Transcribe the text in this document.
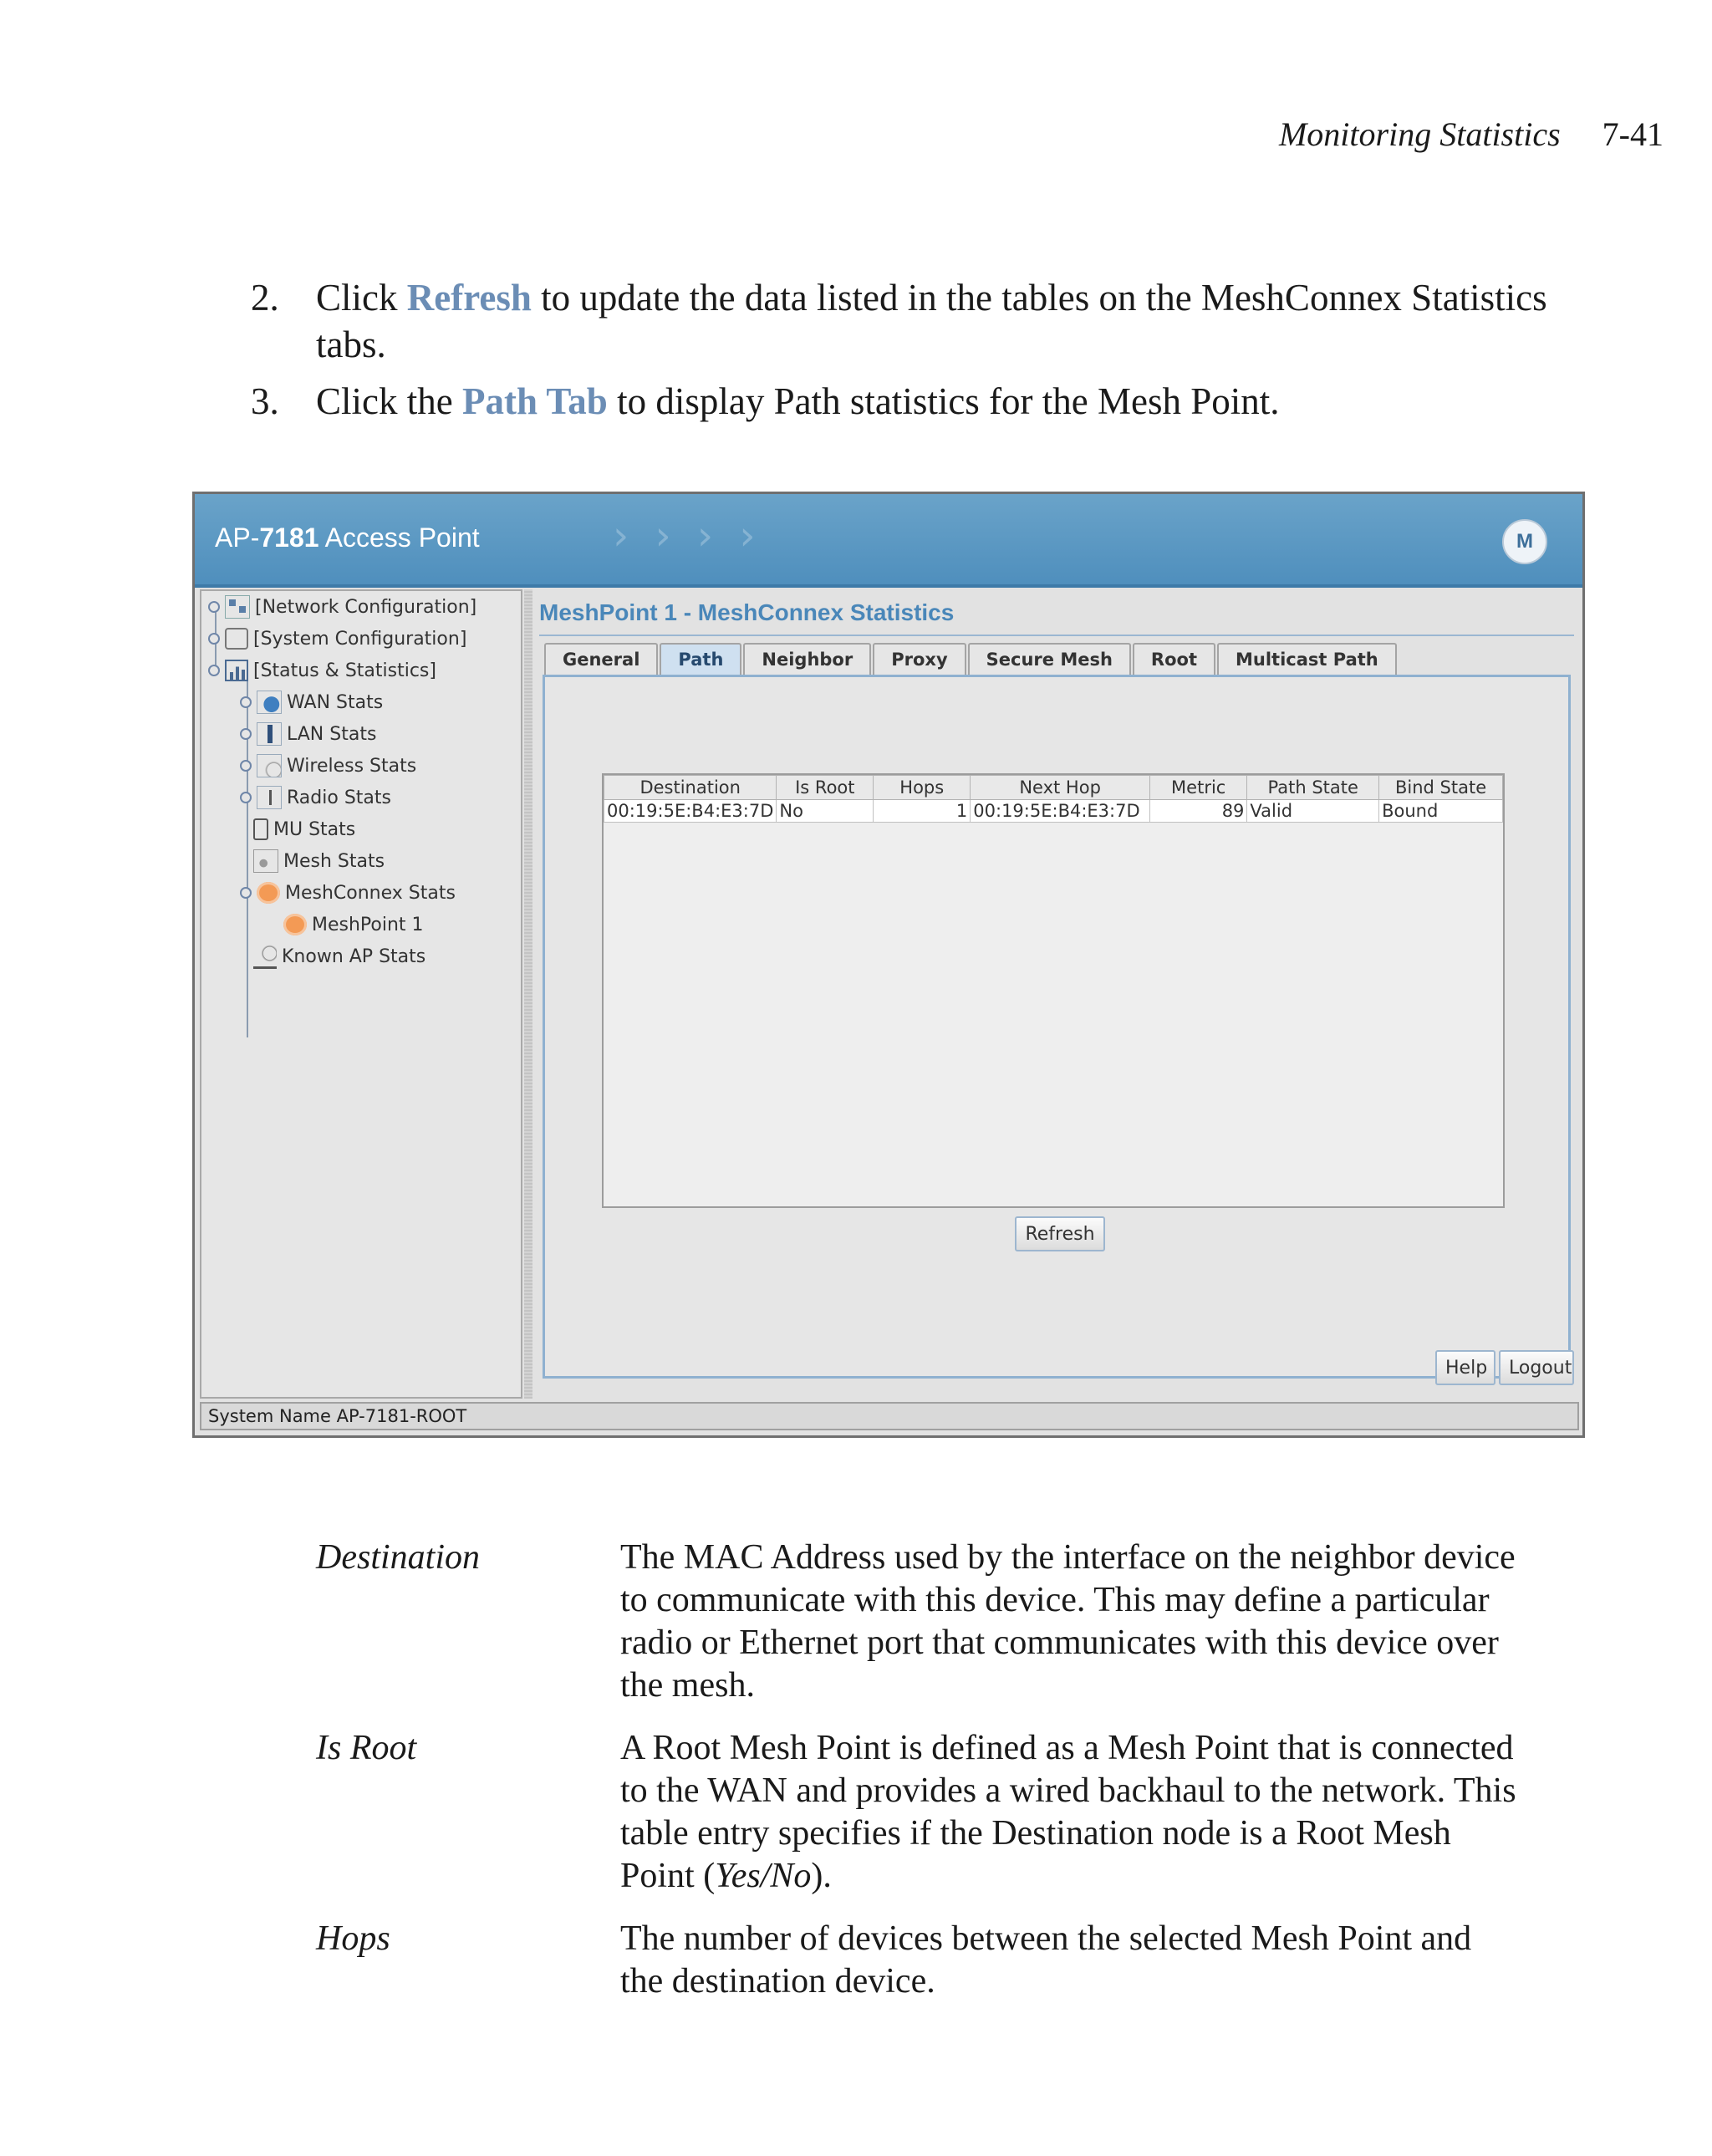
Monitoring Statistics 7-41
2. Click Refresh to update the data listed in the tables on the MeshConnex Statistics tabs.
3. Click the Path Tab to display Path statistics for the Mesh Point.
AP-7181 Access Point	› › › ›	M
[Network Configuration]
[System Configuration]
[Status & Statistics]
WAN Stats
LAN Stats
Wireless Stats
Radio Stats
MU Stats
Mesh Stats
MeshConnex Stats
MeshPoint 1
Known AP Stats
MeshPoint 1 - MeshConnex Statistics
General	Path	Neighbor	Proxy	Secure Mesh	Root	Multicast Path
Destination	Is Root	Hops	Next Hop	Metric	Path State	Bind State
00:19:5E:B4:E3:7D	No	1	00:19:5E:B4:E3:7D	89	Valid	Bound
Refresh
Help	Logout
System Name AP-7181-ROOT
Destination	The MAC Address used by the interface on the neighbor device to communicate with this device. This may define a particular radio or Ethernet port that communicates with this device over the mesh.
Is Root	A Root Mesh Point is defined as a Mesh Point that is connected to the WAN and provides a wired backhaul to the network. This table entry specifies if the Destination node is a Root Mesh Point (Yes/No).
Hops	The number of devices between the selected Mesh Point and the destination device.
